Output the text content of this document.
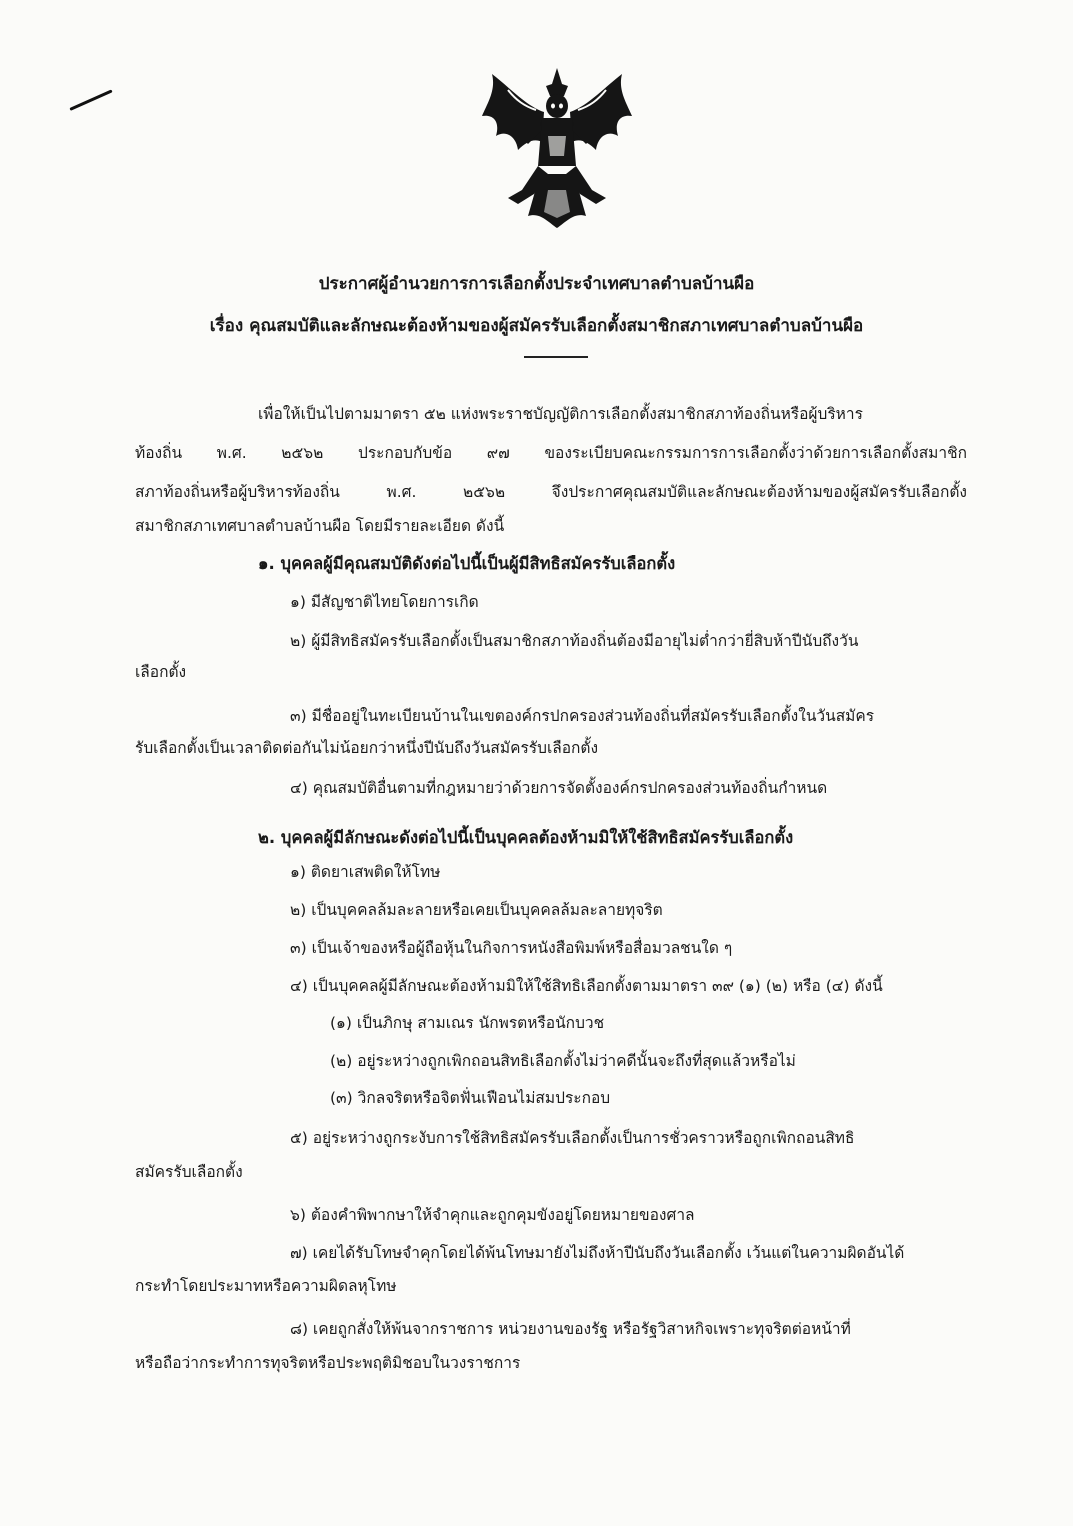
ประกาศผู้อำนวยการการเลือกตั้งประจำเทศบาลตำบลบ้านผือ
เรื่อง คุณสมบัติและลักษณะต้องห้ามของผู้สมัครรับเลือกตั้งสมาชิกสภาเทศบาลตำบลบ้านผือ
เพื่อให้เป็นไปตามมาตรา ๕๒ แห่งพระราชบัญญัติการเลือกตั้งสมาชิกสภาท้องถิ่นหรือผู้บริหาร
ท้องถิ่น พ.ศ. ๒๕๖๒ ประกอบกับข้อ ๙๗ ของระเบียบคณะกรรมการการเลือกตั้งว่าด้วยการเลือกตั้งสมาชิก
สภาท้องถิ่นหรือผู้บริหารท้องถิ่น พ.ศ. ๒๕๖๒ จึงประกาศคุณสมบัติและลักษณะต้องห้ามของผู้สมัครรับเลือกตั้ง
สมาชิกสภาเทศบาลตำบลบ้านผือ โดยมีรายละเอียด ดังนี้
๑. บุคคลผู้มีคุณสมบัติดังต่อไปนี้เป็นผู้มีสิทธิสมัครรับเลือกตั้ง
๑) มีสัญชาติไทยโดยการเกิด
๒) ผู้มีสิทธิสมัครรับเลือกตั้งเป็นสมาชิกสภาท้องถิ่นต้องมีอายุไม่ต่ำกว่ายี่สิบห้าปีนับถึงวัน
เลือกตั้ง
๓) มีชื่ออยู่ในทะเบียนบ้านในเขตองค์กรปกครองส่วนท้องถิ่นที่สมัครรับเลือกตั้งในวันสมัคร
รับเลือกตั้งเป็นเวลาติดต่อกันไม่น้อยกว่าหนึ่งปีนับถึงวันสมัครรับเลือกตั้ง
๔) คุณสมบัติอื่นตามที่กฎหมายว่าด้วยการจัดตั้งองค์กรปกครองส่วนท้องถิ่นกำหนด
๒. บุคคลผู้มีลักษณะดังต่อไปนี้เป็นบุคคลต้องห้ามมิให้ใช้สิทธิสมัครรับเลือกตั้ง
๑) ติดยาเสพติดให้โทษ
๒) เป็นบุคคลล้มละลายหรือเคยเป็นบุคคลล้มละลายทุจริต
๓) เป็นเจ้าของหรือผู้ถือหุ้นในกิจการหนังสือพิมพ์หรือสื่อมวลชนใด ๆ
๔) เป็นบุคคลผู้มีลักษณะต้องห้ามมิให้ใช้สิทธิเลือกตั้งตามมาตรา ๓๙ (๑) (๒) หรือ (๔) ดังนี้
(๑) เป็นภิกษุ สามเณร นักพรตหรือนักบวช
(๒) อยู่ระหว่างถูกเพิกถอนสิทธิเลือกตั้งไม่ว่าคดีนั้นจะถึงที่สุดแล้วหรือไม่
(๓) วิกลจริตหรือจิตฟั่นเฟือนไม่สมประกอบ
๕) อยู่ระหว่างถูกระงับการใช้สิทธิสมัครรับเลือกตั้งเป็นการชั่วคราวหรือถูกเพิกถอนสิทธิ
สมัครรับเลือกตั้ง
๖) ต้องคำพิพากษาให้จำคุกและถูกคุมขังอยู่โดยหมายของศาล
๗) เคยได้รับโทษจำคุกโดยได้พ้นโทษมายังไม่ถึงห้าปีนับถึงวันเลือกตั้ง เว้นแต่ในความผิดอันได้
กระทำโดยประมาทหรือความผิดลหุโทษ
๘) เคยถูกสั่งให้พ้นจากราชการ หน่วยงานของรัฐ หรือรัฐวิสาหกิจเพราะทุจริตต่อหน้าที่
หรือถือว่ากระทำการทุจริตหรือประพฤติมิชอบในวงราชการ
